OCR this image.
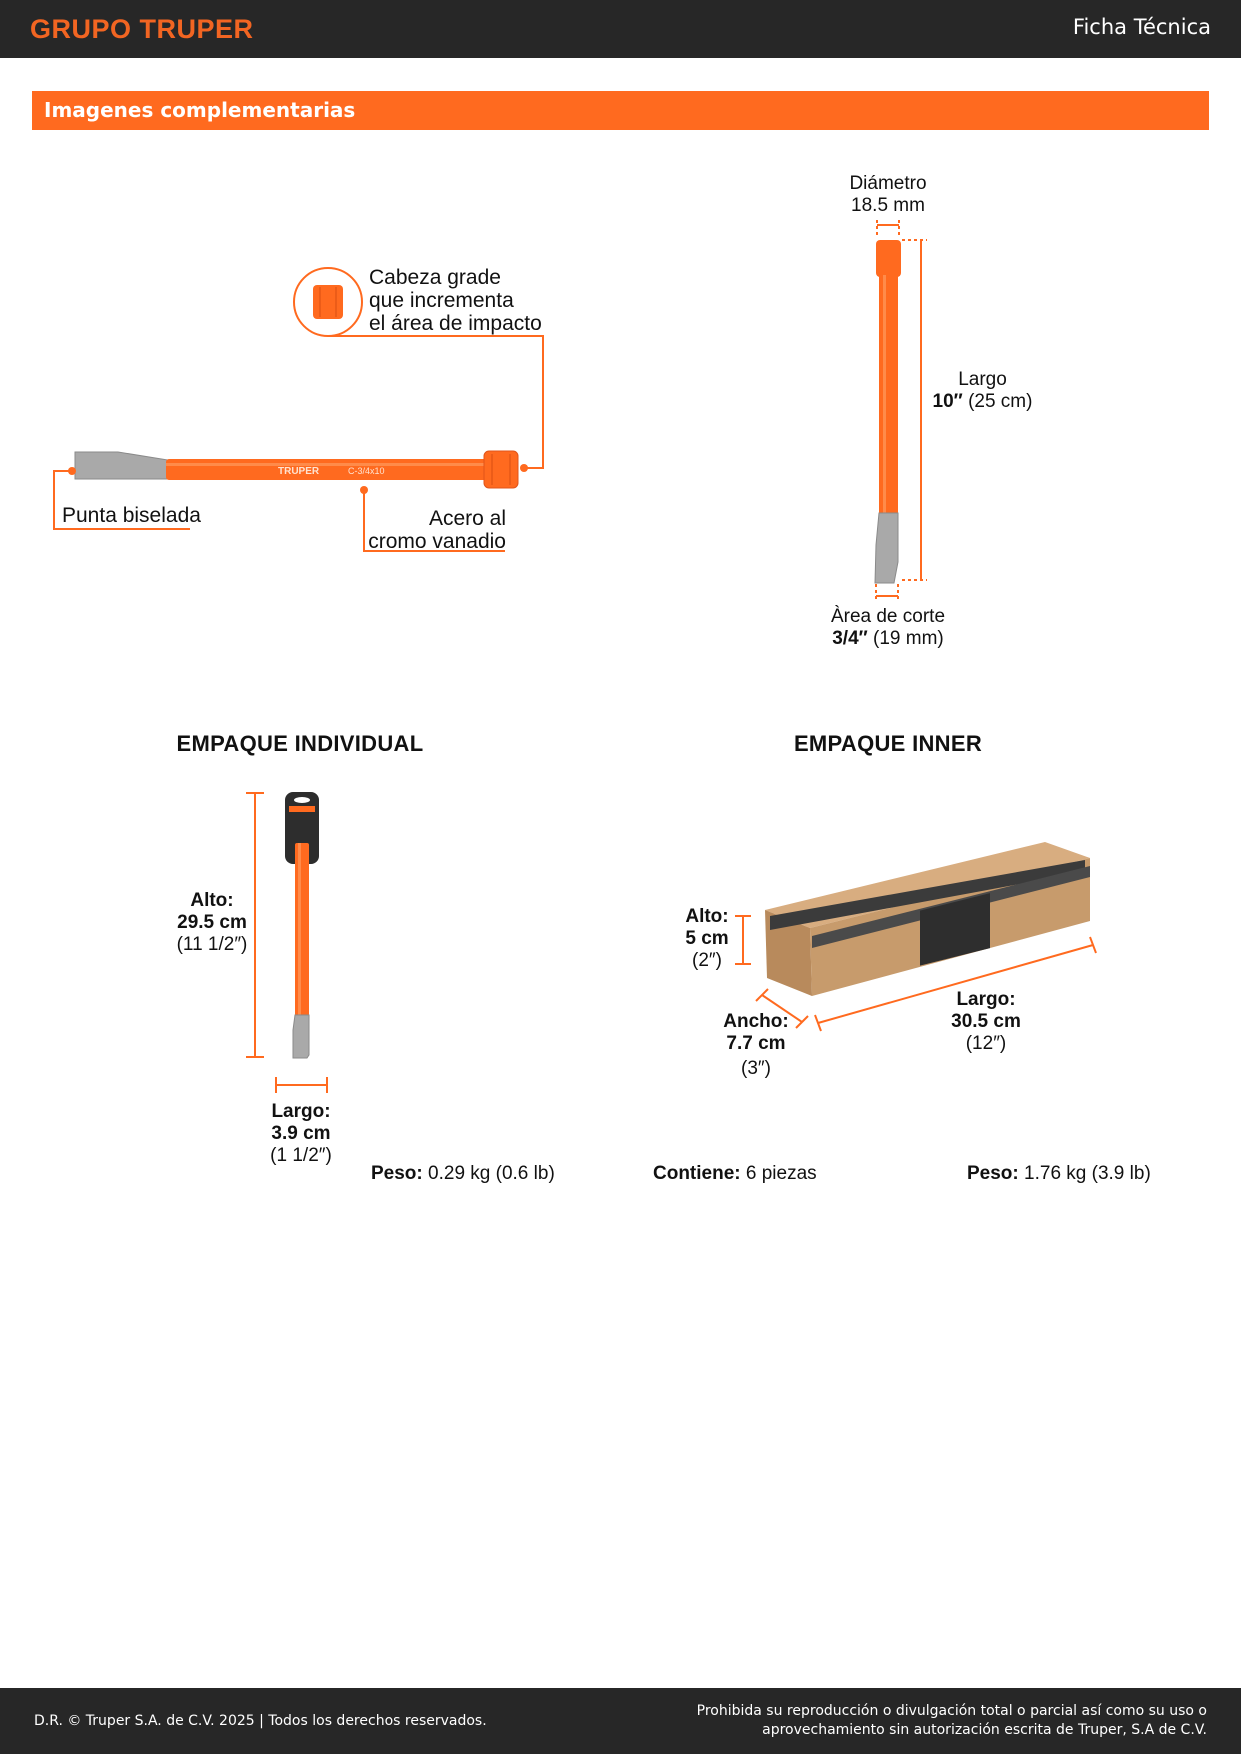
GRUPO TRUPER	Ficha Técnica
Imagenes complementarias
TRUPER	C-3/4x10
Cabeza grade
que incrementa
el área de impacto
Punta biselada	Acero al
cromo vanadio
Diámetro
18.5 mm
Largo
10″ (25 cm)
Àrea de corte
3/4″ (19 mm)
EMPAQUE INDIVIDUAL
Alto:
29.5 cm
(11 1/2″)
Largo:
3.9 cm
(1 1/2″)
Peso: 0.29 kg (0.6 lb)
EMPAQUE INNER
Alto:
5 cm
(2″)
Ancho:
7.7 cm
(3″)
Largo:
30.5 cm
(12″)
Contiene: 6 piezas	Peso: 1.76 kg (3.9 lb)
D.R. © Truper S.A. de C.V. 2025 | Todos los derechos reservados.
Prohibida su reproducción o divulgación total o parcial así como su uso o
aprovechamiento sin autorización escrita de Truper, S.A de C.V.
